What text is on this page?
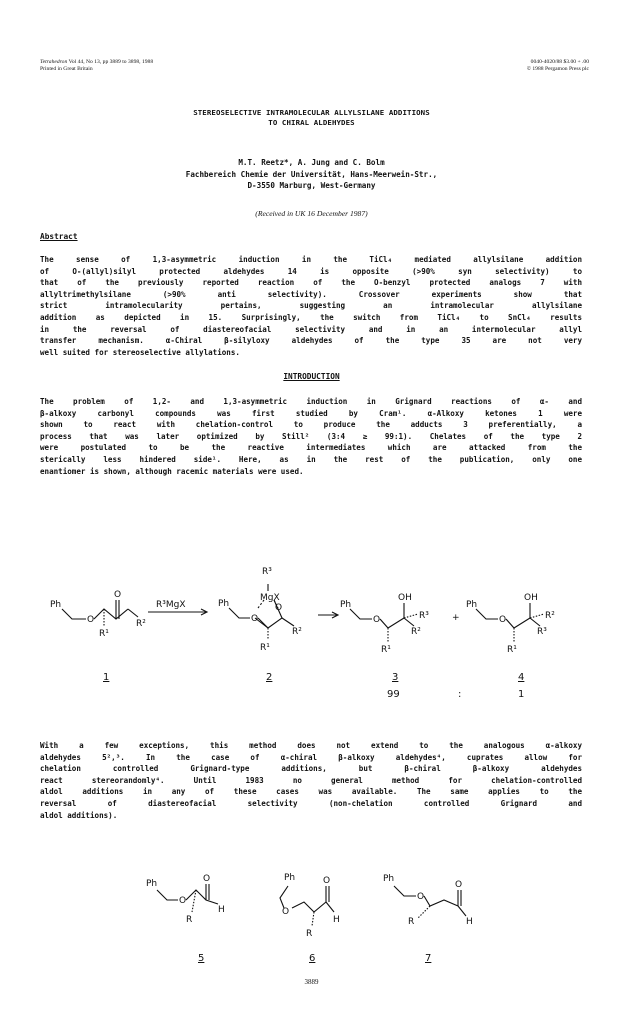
Tetrahedron Vol 44, No 13, pp 3889 to 3898, 1988
Printed in Great Britain
0040-4020/88 $3.00 + .00
© 1988 Pergamon Press plc
STEREOSELECTIVE INTRAMOLECULAR ALLYLSILANE ADDITIONS
TO CHIRAL ALDEHYDES
M.T. Reetz*, A. Jung and C. Bolm
Fachbereich Chemie der Universität, Hans-Meerwein-Str.,
D-3550 Marburg, West-Germany
(Received in UK 16 December 1987)
Abstract
The sense of 1,3-asymmetric induction in the TiCl₄ mediated allylsilane addition
of O-(allyl)silyl protected aldehydes 14 is opposite (>90% syn selectivity) to
that of the previously reported reaction of the O-benzyl protected analogs 7 with
allyltrimethylsilane (>90% anti selectivity). Crossover experiments show that
strict intramolecularity pertains, suggesting an intramolecular allylsilane
addition as depicted in 15. Surprisingly, the switch from TiCl₄ to SnCl₄ results
in the reversal of diastereofacial selectivity and in an intermolecular allyl
transfer mechanism. α-Chiral β-silyloxy aldehydes of the type 35 are not very
well suited for stereoselective allylations.
INTRODUCTION
The problem of 1,2- and 1,3-asymmetric induction in Grignard reactions of α- and
β-alkoxy carbonyl compounds was first studied by Cram¹. α-Alkoxy ketones 1 were
shown to react with chelation-control to produce the adducts 3 preferentially, a
process that was later optimized by Still² (3:4 ≥ 99:1). Chelates of the type 2
were postulated to be the reactive intermediates which are attacked from the
sterically less hindered side¹. Here, as in the rest of the publication, only one
enantiomer is shown, although racemic materials were used.
Ph
O
O
R¹
R²
R³MgX	Ph
R³
MgX
O
O
R¹
R²
Ph
O
OH
R³
R²
R¹
+
Ph
O
OH
R²
R³
R¹
1	2	3	4
99	:	1
With a few exceptions, this method does not extend to the analogous α-alkoxy
aldehydes 5²,³. In the case of α-chiral β-alkoxy aldehydes⁴, cuprates allow for
chelation controlled Grignard-type additions, but β-chiral β-alkoxy aldehydes
react stereorandomly⁴. Until 1983 no general method for chelation-controlled
aldol additions in any of these cases was available. The same applies to the
reversal of diastereofacial selectivity (non-chelation controlled Grignard and
aldol additions).
Ph
O
O
R
H
Ph
O
O
R
H
Ph
O
R
O
H
5	6	7
3889
